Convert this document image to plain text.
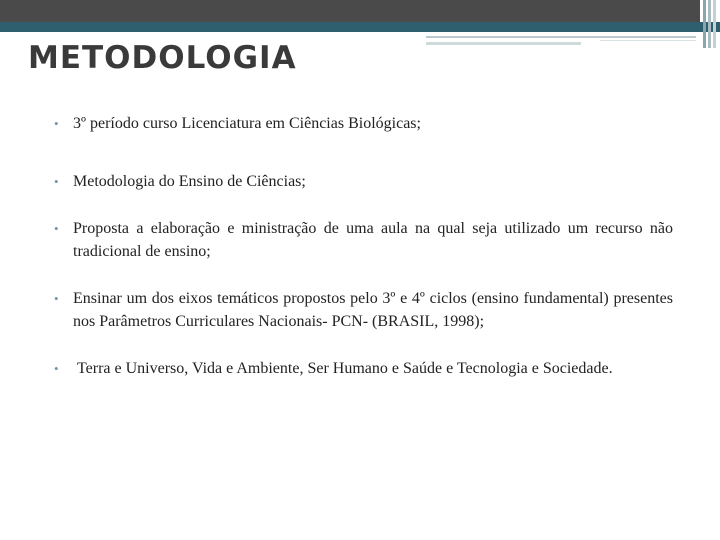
METODOLOGIA
• 3º período curso Licenciatura em Ciências Biológicas;
• Metodologia do Ensino de Ciências;
• Proposta a elaboração e ministração de uma aula na qual seja utilizado um recurso não tradicional de ensino;
• Ensinar um dos eixos temáticos propostos pelo 3º e 4º ciclos (ensino fundamental) presentes nos Parâmetros Curriculares Nacionais- PCN- (BRASIL, 1998);
• Terra e Universo, Vida e Ambiente, Ser Humano e Saúde e Tecnologia e Sociedade.
